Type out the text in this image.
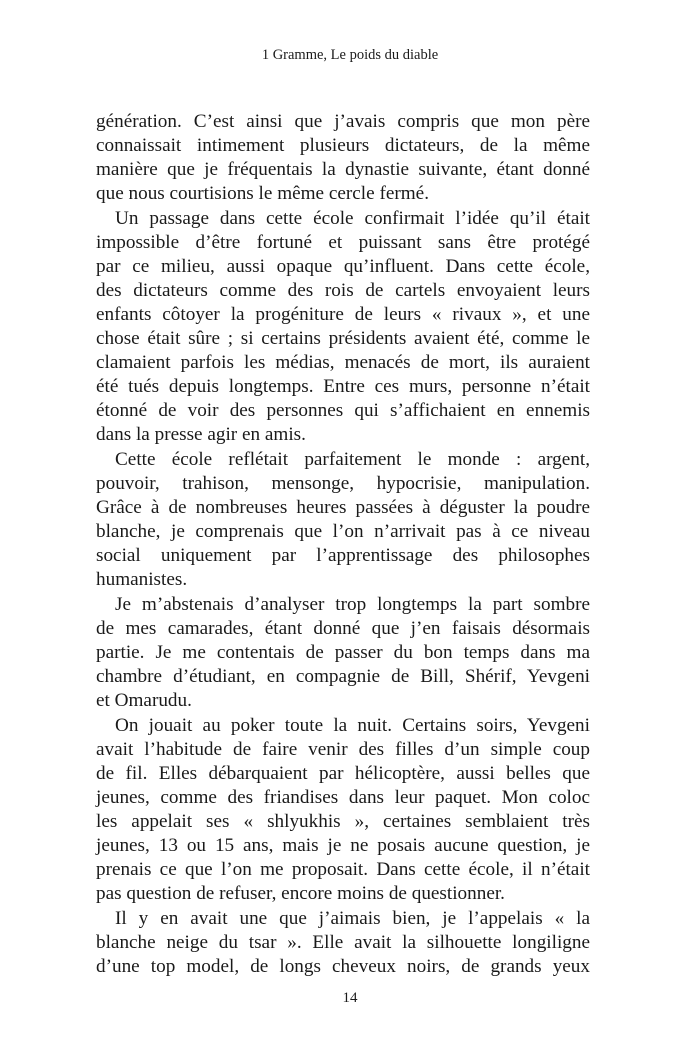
1 Gramme, Le poids du diable
génération. C’est ainsi que j’avais compris que mon père
connaissait intimement plusieurs dictateurs, de la même
manière que je fréquentais la dynastie suivante, étant donné
que nous courtisions le même cercle fermé.
Un passage dans cette école confirmait l’idée qu’il était
impossible d’être fortuné et puissant sans être protégé
par ce milieu, aussi opaque qu’influent. Dans cette école,
des dictateurs comme des rois de cartels envoyaient leurs
enfants côtoyer la progéniture de leurs « rivaux », et une
chose était sûre ; si certains présidents avaient été, comme le
clamaient parfois les médias, menacés de mort, ils auraient
été tués depuis longtemps. Entre ces murs, personne n’était
étonné de voir des personnes qui s’affichaient en ennemis
dans la presse agir en amis.
Cette école reflétait parfaitement le monde : argent,
pouvoir, trahison, mensonge, hypocrisie, manipulation.
Grâce à de nombreuses heures passées à déguster la poudre
blanche, je comprenais que l’on n’arrivait pas à ce niveau
social uniquement par l’apprentissage des philosophes
humanistes.
Je m’abstenais d’analyser trop longtemps la part sombre
de mes camarades, étant donné que j’en faisais désormais
partie. Je me contentais de passer du bon temps dans ma
chambre d’étudiant, en compagnie de Bill, Shérif, Yevgeni
et Omarudu.
On jouait au poker toute la nuit. Certains soirs, Yevgeni
avait l’habitude de faire venir des filles d’un simple coup
de fil. Elles débarquaient par hélicoptère, aussi belles que
jeunes, comme des friandises dans leur paquet. Mon coloc
les appelait ses « shlyukhis », certaines semblaient très
jeunes, 13 ou 15 ans, mais je ne posais aucune question, je
prenais ce que l’on me proposait. Dans cette école, il n’était
pas question de refuser, encore moins de questionner.
Il y en avait une que j’aimais bien, je l’appelais « la
blanche neige du tsar ». Elle avait la silhouette longiligne
d’une top model, de longs cheveux noirs, de grands yeux
14
